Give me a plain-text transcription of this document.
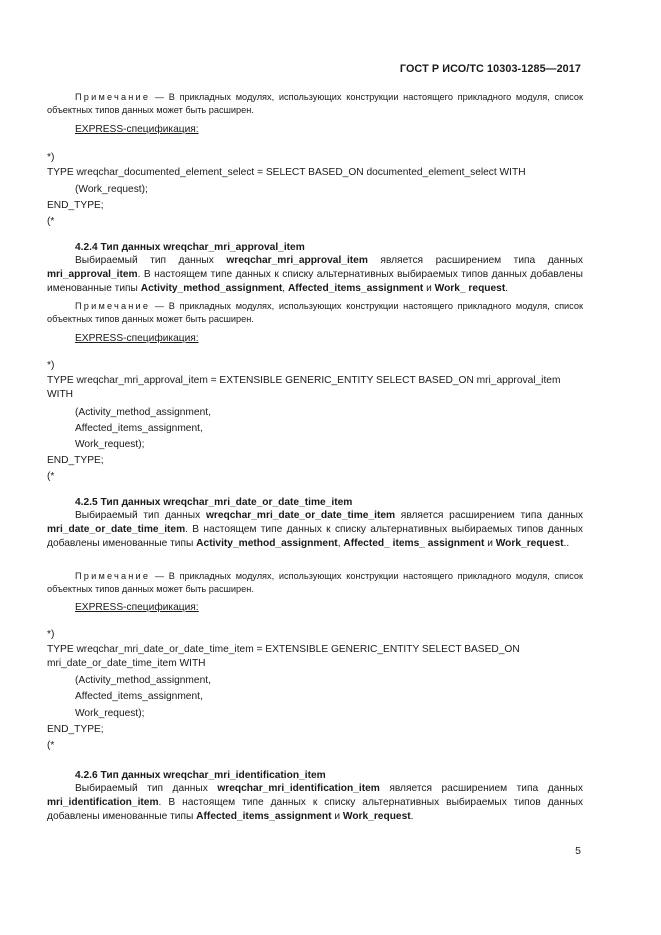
ГОСТ Р ИСО/ТС 10303-1285—2017

Примечание — В прикладных модулях, использующих конструкции настоящего прикладного модуля, список объектных типов данных может быть расширен.

EXPRESS-спецификация:
*)
TYPE wreqchar_documented_element_select = SELECT BASED_ON documented_element_select WITH
(Work_request);
END_TYPE;
(*
4.2.4 Тип данных wreqchar_mri_approval_item

Выбираемый тип данных wreqchar_mri_approval_item является расширением типа данных mri_approval_item. В настоящем типе данных к списку альтернативных выбираемых типов данных добавлены именованные типы Activity_method_assignment, Affected_items_assignment и Work_ request.

Примечание — В прикладных модулях, использующих конструкции настоящего прикладного модуля, список объектных типов данных может быть расширен.

EXPRESS-спецификация:
*)
TYPE wreqchar_mri_approval_item = EXTENSIBLE GENERIC_ENTITY SELECT BASED_ON mri_approval_item WITH
(Activity_method_assignment,
Affected_items_assignment,
Work_request);
END_TYPE;
(*
4.2.5 Тип данных wreqchar_mri_date_or_date_time_item

Выбираемый тип данных wreqchar_mri_date_or_date_time_item является расширением типа данных mri_date_or_date_time_item. В настоящем типе данных к списку альтернативных выбираемых типов данных добавлены именованные типы Activity_method_assignment, Affected_ items_ assignment и Work_request..

Примечание — В прикладных модулях, использующих конструкции настоящего прикладного модуля, список объектных типов данных может быть расширен.

EXPRESS-спецификация:
*)
TYPE wreqchar_mri_date_or_date_time_item = EXTENSIBLE GENERIC_ENTITY SELECT BASED_ON mri_date_or_date_time_item WITH
(Activity_method_assignment,
Affected_items_assignment,
Work_request);
END_TYPE;
(*
4.2.6 Тип данных wreqchar_mri_identification_item

Выбираемый тип данных wreqchar_mri_identification_item является расширением типа данных mri_identification_item. В настоящем типе данных к списку альтернативных выбираемых типов данных добавлены именованные типы Affected_items_assignment и Work_request.

5
